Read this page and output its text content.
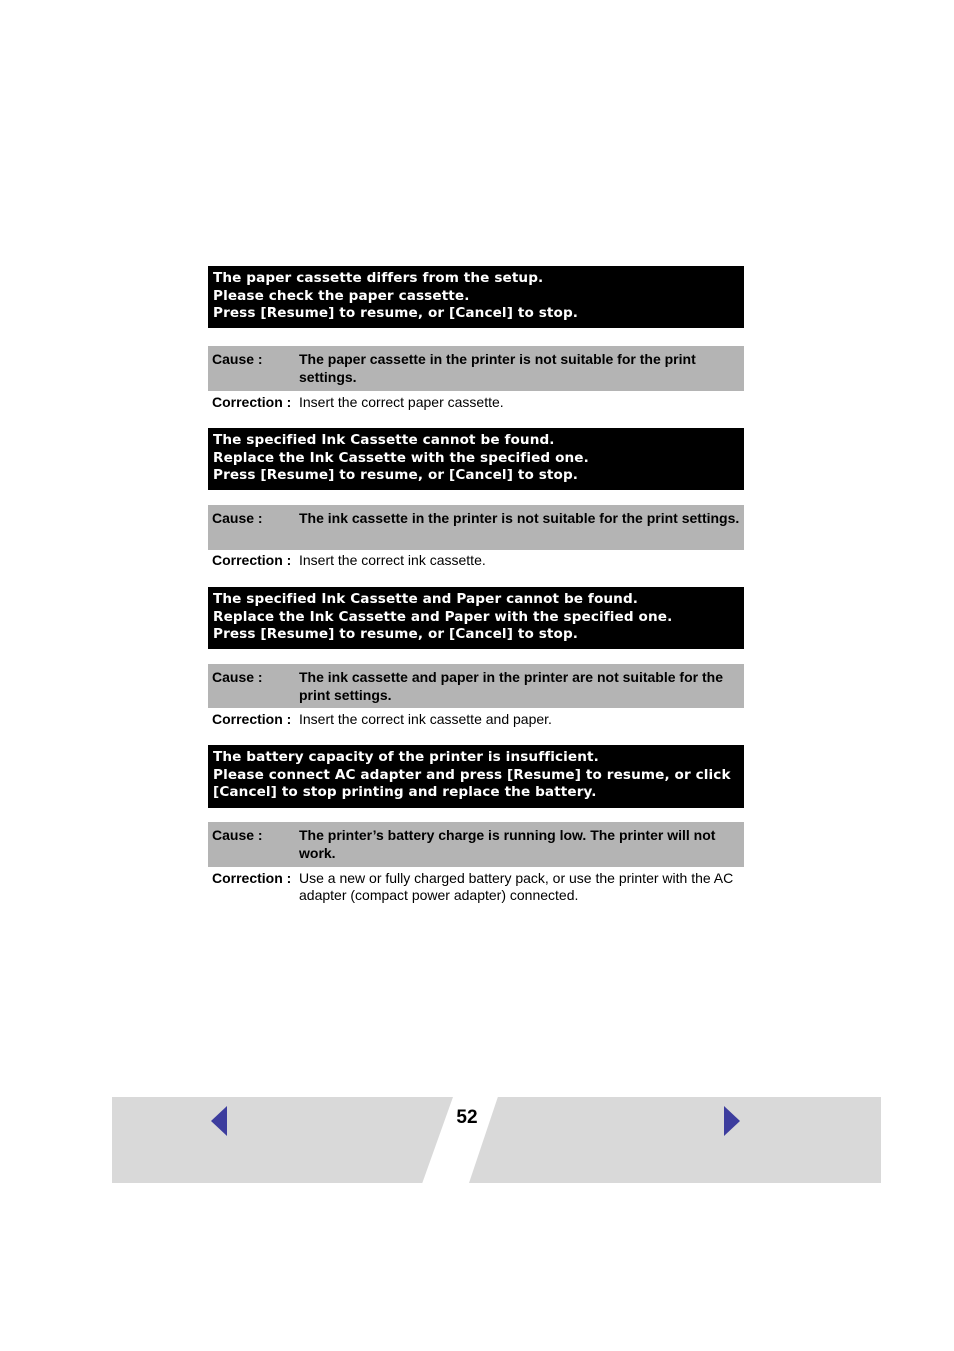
The paper cassette differs from the setup.
Please check the paper cassette.
Press [Resume] to resume, or [Cancel] to stop.
Cause :	The paper cassette in the printer is not suitable for the print settings.
Correction : Insert the correct paper cassette.
The specified Ink Cassette cannot be found.
Replace the Ink Cassette with the specified one.
Press [Resume] to resume, or [Cancel] to stop.
Cause :	The ink cassette in the printer is not suitable for the print settings.
Correction : Insert the correct ink cassette.
The specified Ink Cassette and Paper cannot be found.
Replace the Ink Cassette and Paper with the specified one.
Press [Resume] to resume, or [Cancel] to stop.
Cause :	The ink cassette and paper in the printer are not suitable for the print settings.
Correction : Insert the correct ink cassette and paper.
The battery capacity of the printer is insufficient.
Please connect AC adapter and press [Resume] to resume, or click
[Cancel] to stop printing and replace the battery.
Cause :	The printer’s battery charge is running low. The printer will not work.
Correction : Use a new or fully charged battery pack, or use the printer with the AC adapter (compact power adapter) connected.
52
